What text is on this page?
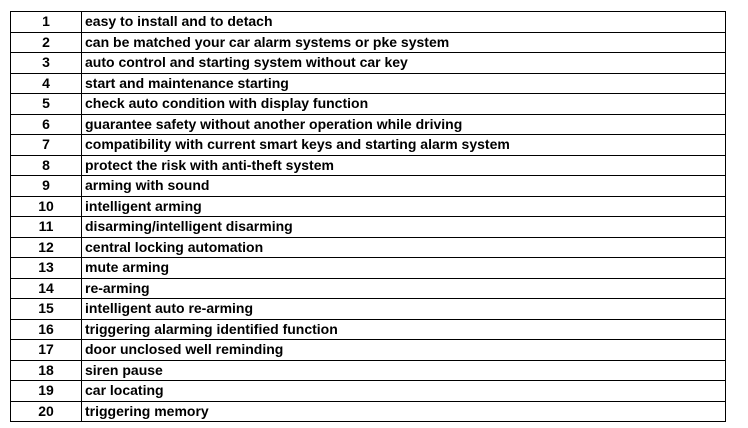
1	easy to install and to detach
2	can be matched your car alarm systems or pke system
3	auto control and starting system without car key
4	start and maintenance starting
5	check auto condition with display function
6	guarantee safety without another operation while driving
7	compatibility with current smart keys and starting alarm system
8	protect the risk with anti-theft system
9	arming with sound
10	intelligent arming
11	disarming/intelligent disarming
12	central locking automation
13	mute arming
14	re-arming
15	intelligent auto re-arming
16	triggering alarming identified function
17	door unclosed well reminding
18	siren pause
19	car locating
20	triggering memory
